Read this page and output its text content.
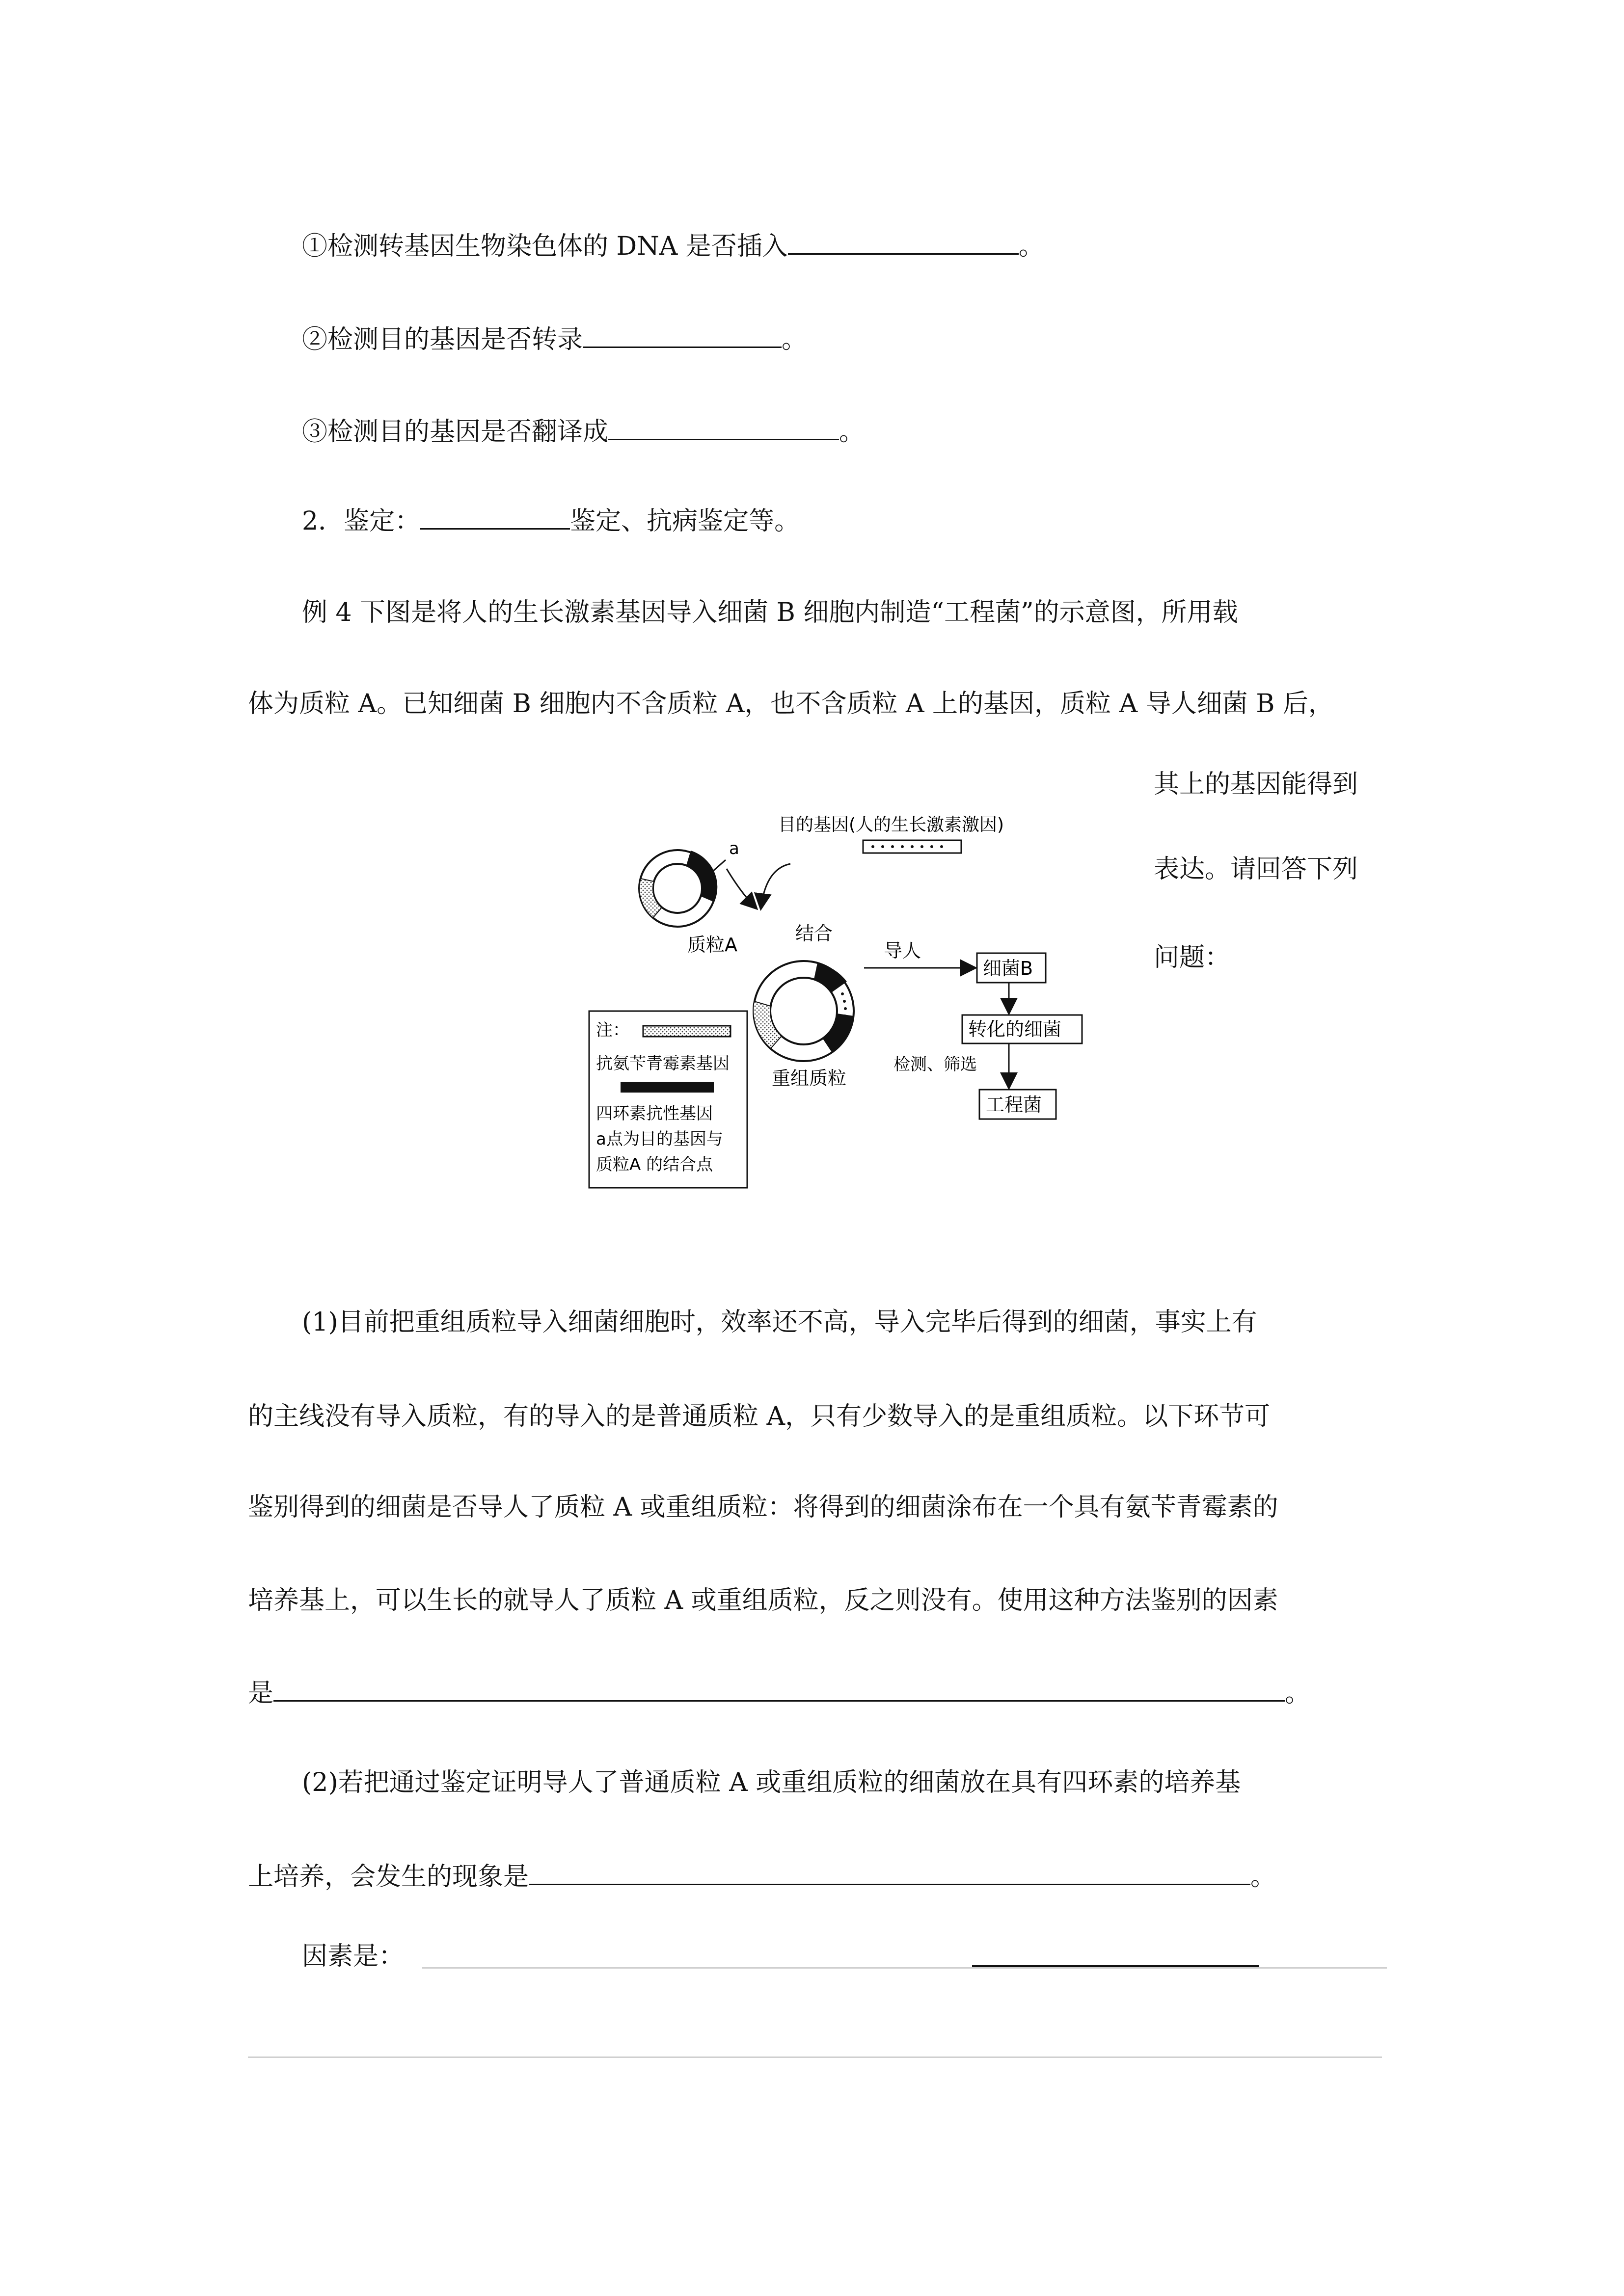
①检测转基因生物染色体的 DNA 是否插入	。
②检测目的基因是否转录	。
③检测目的基因是否翻译成	。
2．鉴定：	鉴定、抗病鉴定等。
例 4 下图是将人的生长激素基因导入细菌 B 细胞内制造“工程菌”的示意图，所用载
体为质粒 A。已知细菌 B 细胞内不含质粒 A，也不含质粒 A 上的基因，质粒 A 导人细菌 B 后，
其上的基因能得到
表达。请回答下列
问题：
a
质粒A
目的基因(人的生长激素激因)
结合
重组质粒
导人
细菌B
转化的细菌
检测、筛选
工程菌
注：
抗氨苄青霉素基因
四环素抗性基因
a点为目的基因与
质粒A 的结合点
(1)目前把重组质粒导入细菌细胞时，效率还不高，导入完毕后得到的细菌，事实上有
的主线没有导入质粒，有的导入的是普通质粒 A，只有少数导入的是重组质粒。以下环节可
鉴别得到的细菌是否导人了质粒 A 或重组质粒：将得到的细菌涂布在一个具有氨苄青霉素的
培养基上，可以生长的就导人了质粒 A 或重组质粒，反之则没有。使用这种方法鉴别的因素
是	。
(2)若把通过鉴定证明导人了普通质粒 A 或重组质粒的细菌放在具有四环素的培养基
上培养，会发生的现象是	。
因素是：
